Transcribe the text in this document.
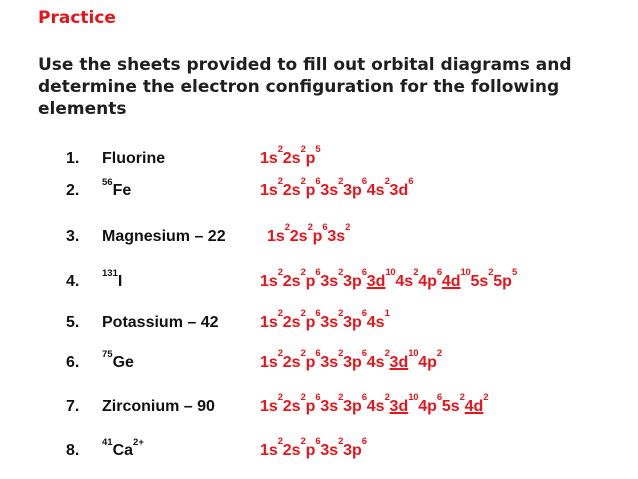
Practice
Use the sheets provided to fill out orbital diagrams and determine the electron configuration for the following elements
1. Fluorine	$1s^22s^2p^5$
2. $^{56}$Fe	$1s^22s^2p^63s^23p^64s^23d^6$
3. Magnesium – 22	$1s^22s^2p^63s^2$
4. $^{131}$I	$1s^22s^2p^63s^23p^63d^{10}4s^24p^64d^{10}5s^25p^5$
5. Potassium – 42	$1s^22s^2p^63s^23p^64s^1$
6. $^{75}$Ge	$1s^22s^2p^63s^23p^64s^23d^{10}4p^2$
7. Zirconium – 90	$1s^22s^2p^63s^23p^64s^23d^{10}4p^65s^24d^2$
8. $^{41}Ca^{2+}$	$1s^22s^2p^63s^23p^6$
